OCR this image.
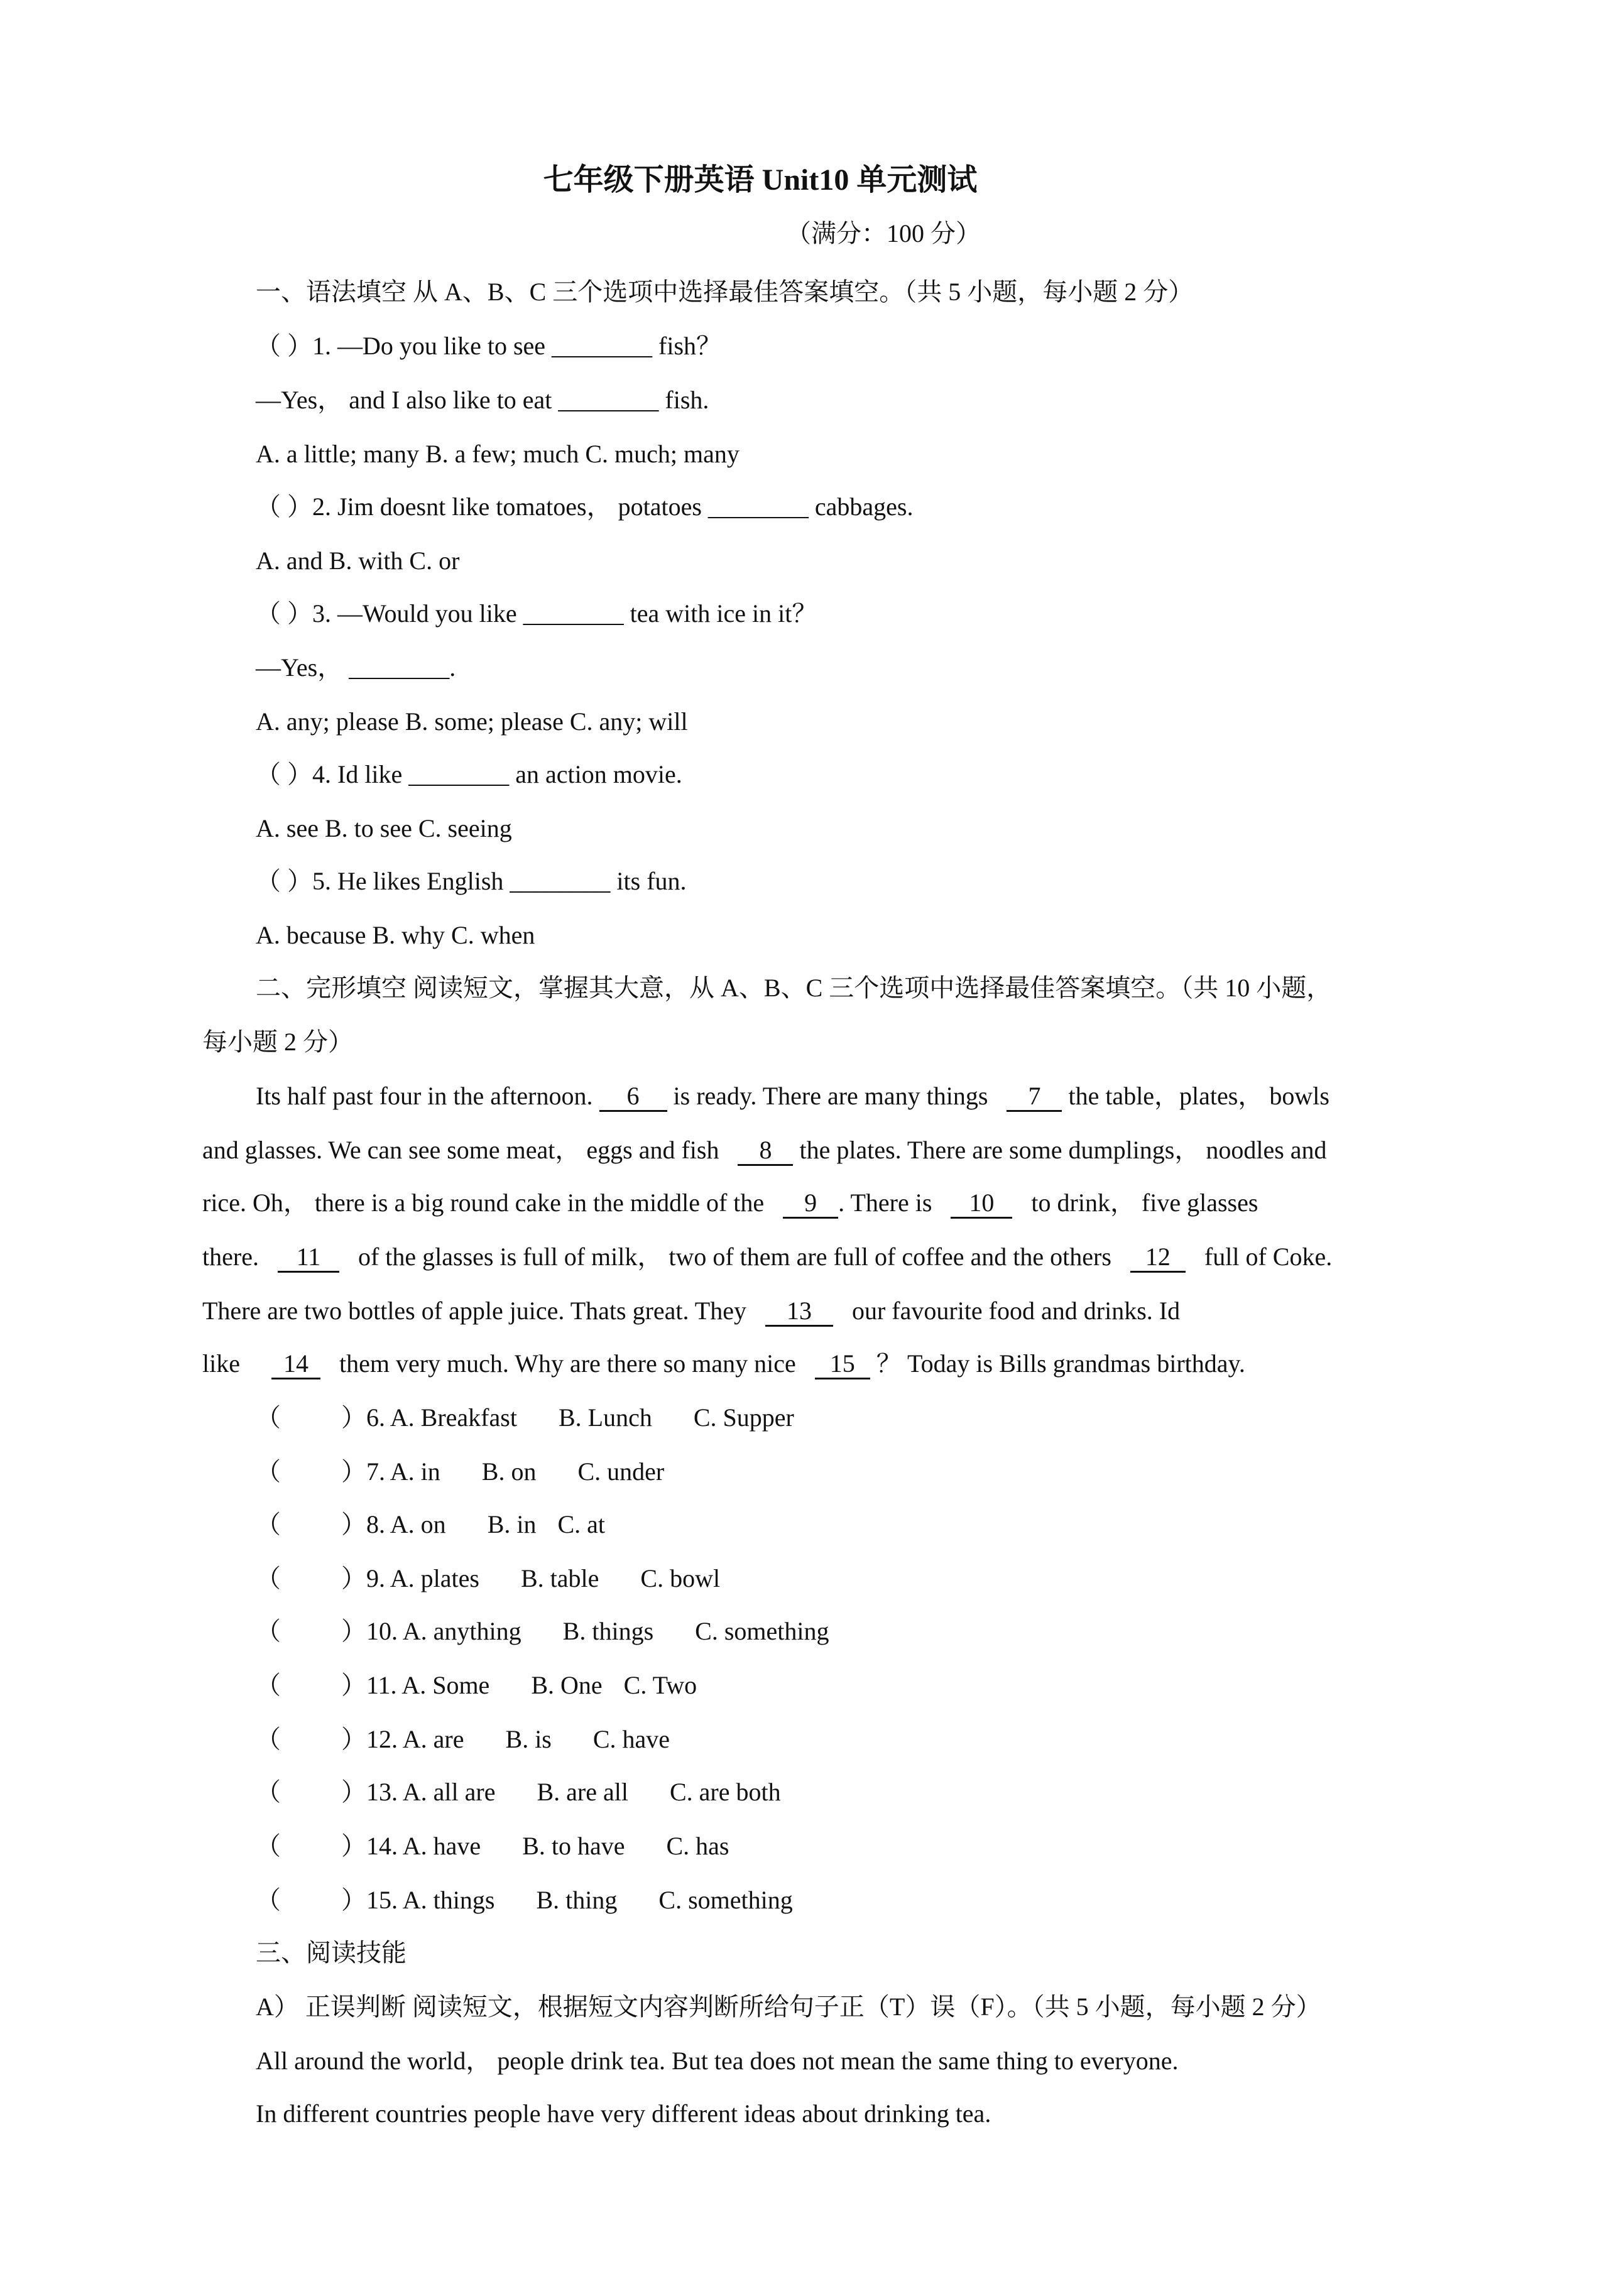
七年级下册英语 Unit10 单元测试
（满分：100 分）
一、语法填空 从 A、B、C 三个选项中选择最佳答案填空。（共 5 小题，每小题 2 分）
（ ）1. —Do you like to see ________ fish？
—Yes， and I also like to eat ________ fish.
A. a little; many B. a few; much C. much; many
（ ）2. Jim doesnt like tomatoes， potatoes ________ cabbages.
A. and B. with C. or
（ ）3. —Would you like ________ tea with ice in it？
—Yes， ________.
A. any; please B. some; please C. any; will
（ ）4. Id like ________ an action movie.
A. see B. to see C. seeing
（ ）5. He likes English ________ its fun.
A. because B. why C. when
二、完形填空 阅读短文，掌握其大意，从 A、B、C 三个选项中选择最佳答案填空。（共 10 小题，
每小题 2 分）
Its half past four in the afternoon. 6 is ready. There are many things 7 the table，plates， bowls
and glasses. We can see some meat， eggs and fish 8 the plates. There are some dumplings， noodles and
rice. Oh， there is a big round cake in the middle of the 9 . There is 10 to drink， five glasses
there. 11 of the glasses is full of milk， two of them are full of coffee and the others 12 full of Coke.
There are two bottles of apple juice. Thats great. They 13 our favourite food and drinks. Id
like 14 them very much. Why are there so many nice 15 ？ Today is Bills grandmas birthday.
（ ）6. A. Breakfast B. Lunch C. Supper
（ ）7. A. in B. on C. under
（ ）8. A. on B. in C. at
（ ）9. A. plates B. table C. bowl
（ ）10. A. anything B. things C. something
（ ）11. A. Some B. One C. Two
（ ）12. A. are B. is C. have
（ ）13. A. all are B. are all C. are both
（ ）14. A. have B. to have C. has
（ ）15. A. things B. thing C. something
三、阅读技能
A） 正误判断 阅读短文，根据短文内容判断所给句子正（T）误（F）。（共 5 小题，每小题 2 分）
All around the world， people drink tea. But tea does not mean the same thing to everyone.
In different countries people have very different ideas about drinking tea.
